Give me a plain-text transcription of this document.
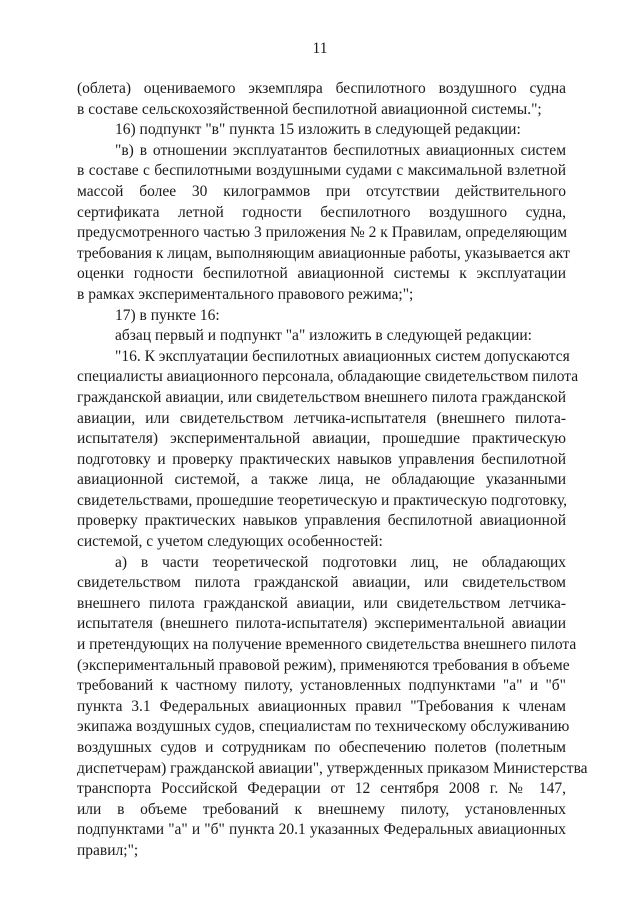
11
(облета) оцениваемого экземпляра беспилотного воздушного судна
в составе сельскохозяйственной беспилотной авиационной системы.";
16) подпункт "в" пункта 15 изложить в следующей редакции:
"в) в отношении эксплуатантов беспилотных авиационных систем
в составе с беспилотными воздушными судами с максимальной взлетной
массой более 30 килограммов при отсутствии действительного
сертификата летной годности беспилотного воздушного судна,
предусмотренного частью 3 приложения № 2 к Правилам, определяющим
требования к лицам, выполняющим авиационные работы, указывается акт
оценки годности беспилотной авиационной системы к эксплуатации
в рамках экспериментального правового режима;";
17) в пункте 16:
абзац первый и подпункт "а" изложить в следующей редакции:
"16. К эксплуатации беспилотных авиационных систем допускаются
специалисты авиационного персонала, обладающие свидетельством пилота
гражданской авиации, или свидетельством внешнего пилота гражданской
авиации, или свидетельством летчика-испытателя (внешнего пилота-
испытателя) экспериментальной авиации, прошедшие практическую
подготовку и проверку практических навыков управления беспилотной
авиационной системой, а также лица, не обладающие указанными
свидетельствами, прошедшие теоретическую и практическую подготовку,
проверку практических навыков управления беспилотной авиационной
системой, с учетом следующих особенностей:
а) в части теоретической подготовки лиц, не обладающих
свидетельством пилота гражданской авиации, или свидетельством
внешнего пилота гражданской авиации, или свидетельством летчика-
испытателя (внешнего пилота-испытателя) экспериментальной авиации
и претендующих на получение временного свидетельства внешнего пилота
(экспериментальный правовой режим), применяются требования в объеме
требований к частному пилоту, установленных подпунктами "а" и "б"
пункта 3.1 Федеральных авиационных правил "Требования к членам
экипажа воздушных судов, специалистам по техническому обслуживанию
воздушных судов и сотрудникам по обеспечению полетов (полетным
диспетчерам) гражданской авиации", утвержденных приказом Министерства
транспорта Российской Федерации от 12 сентября 2008 г. № 147,
или в объеме требований к внешнему пилоту, установленных
подпунктами "а" и "б" пункта 20.1 указанных Федеральных авиационных
правил;";
